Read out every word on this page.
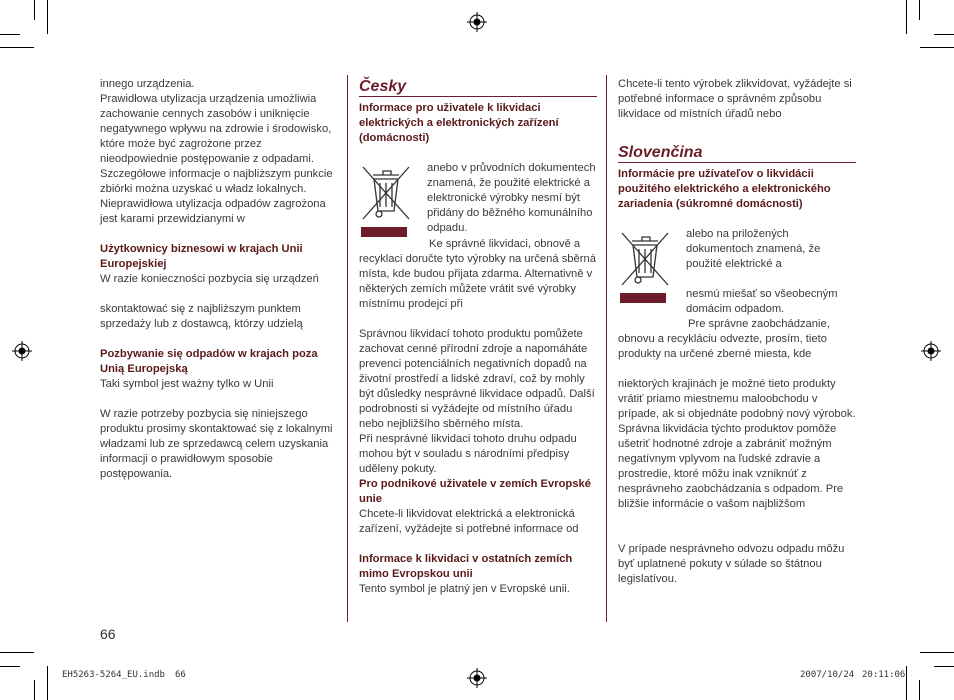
innego urządzenia.
Prawidłowa utylizacja urządzenia umożliwia zachowanie cennych zasobów i uniknięcie negatywnego wpływu na zdrowie i środowisko, które może być zagrożone przez nieodpowiednie postępowanie z odpadami. Szczegółowe informacje o najbliższym punkcie zbiórki można uzyskać u władz lokalnych.
Nieprawidłowa utylizacja odpadów zagrożona jest karami przewidzianymi w
Użytkownicy biznesowi w krajach Unii Europejskiej
W razie konieczności pozbycia się urządzeń
skontaktować się z najbliższym punktem sprzedaży lub z dostawcą, którzy udzielą
Pozbywanie się odpadów w krajach poza Unią Europejską
Taki symbol jest ważny tylko w Unii
W razie potrzeby pozbycia się niniejszego produktu prosimy skontaktować się z lokalnymi władzami lub ze sprzedawcą celem uzyskania informacji o prawidłowym sposobie postępowania.
Česky
Informace pro uživatele k likvidaci elektrických a elektronických zařízení (domácnosti)
anebo v průvodních dokumentech znamená, že použité elektrické a elektronické výrobky nesmí být přidány do běžného komunálního odpadu.
Ke správné likvidaci, obnově a recyklaci doručte tyto výrobky na určená sběrná místa, kde budou přijata zdarma. Alternativně v některých zemích můžete vrátit své výrobky místnímu prodejci při
Správnou likvidací tohoto produktu pomůžete zachovat cenné přírodní zdroje a napomáháte prevenci potenciálních negativních dopadů na životní prostředí a lidské zdraví, což by mohly být důsledky nesprávné likvidace odpadů. Další podrobnosti si vyžádejte od místního úřadu nebo nejbližšího sběrného místa.
Při nesprávné likvidaci tohoto druhu odpadu mohou být v souladu s národními předpisy uděleny pokuty.
Pro podnikové uživatele v zemích Evropské unie
Chcete-li likvidovat elektrická a elektronická zařízení, vyžádejte si potřebné informace od
Informace k likvidaci v ostatních zemích mimo Evropskou unii
Tento symbol je platný jen v Evropské unii.
Chcete-li tento výrobek zlikvidovat, vyžádejte si potřebné informace o správném způsobu likvidace od místních úřadů nebo
Slovenčina
Informácie pre užívateľov o likvidácii použitého elektrického a elektronického zariadenia (súkromné domácnosti)
alebo na priložených dokumentoch znamená, že použité elektrické a
nesmú miešať so všeobecným domácim odpadom.
Pre správne zaobchádzanie, obnovu a recykláciu odvezte, prosím, tieto produkty na určené zberné miesta, kde
niektorých krajinách je možné tieto produkty vrátiť priamo miestnemu maloobchodu v prípade, ak si objednáte podobný nový výrobok.
Správna likvidácia týchto produktov pomôže ušetriť hodnotné zdroje a zabrániť možným negatívnym vplyvom na ľudské zdravie a prostredie, ktoré môžu inak vzniknúť z nesprávneho zaobchádzania s odpadom. Pre bližšie informácie o vašom najbližšom
V prípade nesprávneho odvozu odpadu môžu byť uplatnené pokuty v súlade so štátnou legislatívou.
66
EH5263-5264_EU.indb 66	2007/10/24 20:11:06
